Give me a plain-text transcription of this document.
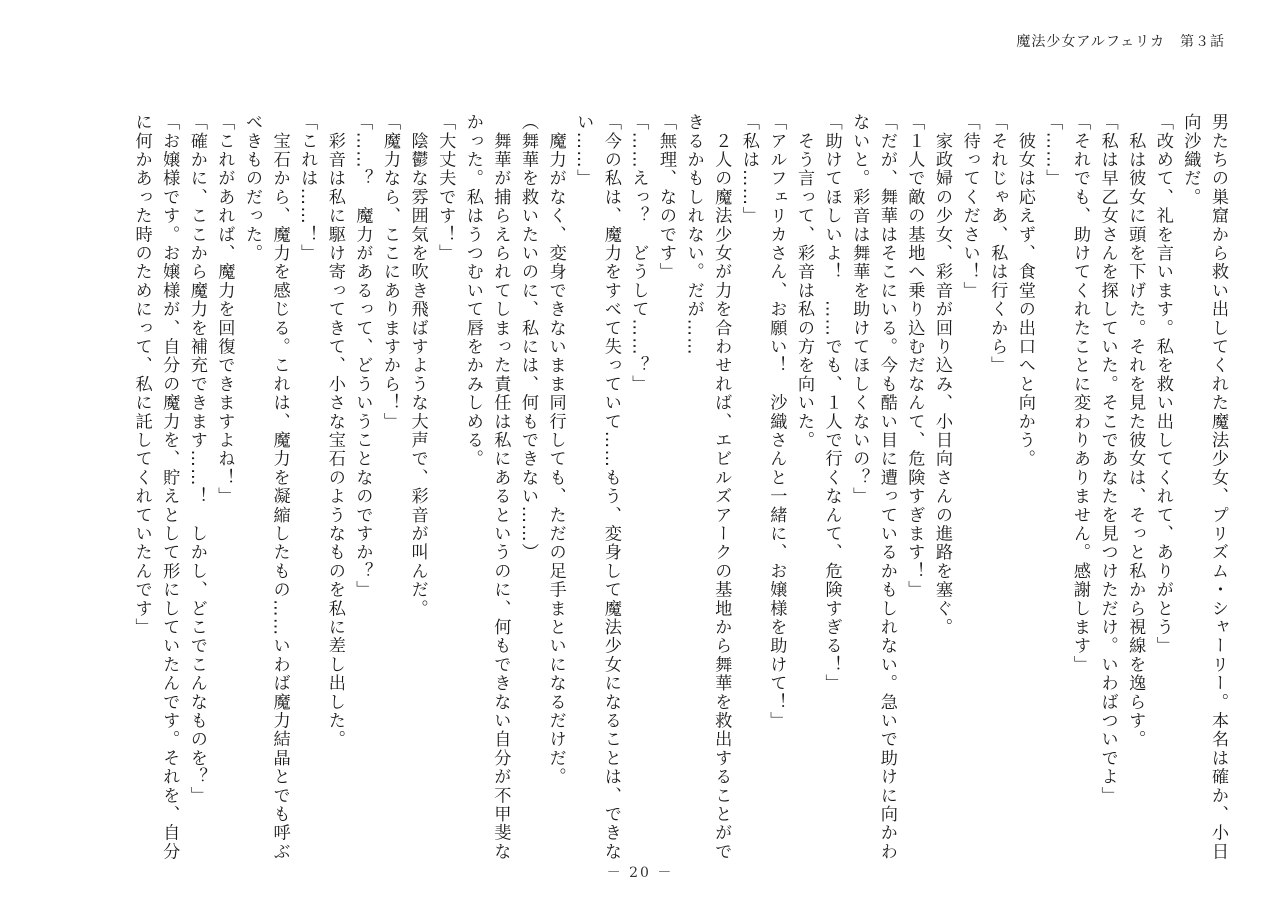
魔法少女アルフェリカ　第３話
男たちの巣窟から救い出してくれた魔法少女、プリズム・シャーリー。本名は確か、小日
向沙織だ。
「改めて、礼を言います。私を救い出してくれて、ありがとう」
　私は彼女に頭を下げた。それを見た彼女は、そっと私から視線を逸らす。
「私は早乙女さんを探していた。そこであなたを見つけただけ。いわばついでよ」
「それでも、助けてくれたことに変わりありません。感謝します」
「……」
　彼女は応えず、食堂の出口へと向かう。
「それじゃあ、私は行くから」
「待ってください！」
　家政婦の少女、彩音が回り込み、小日向さんの進路を塞ぐ。
「１人で敵の基地へ乗り込むだなんて、危険すぎます！」
「だが、舞華はそこにいる。今も酷い目に遭っているかもしれない。急いで助けに向かわ
ないと。彩音は舞華を助けてほしくないの？」
「助けてほしいよ！　……でも、１人で行くなんて、危険すぎる！」
　そう言って、彩音は私の方を向いた。
「アルフェリカさん、お願い！　沙織さんと一緒に、お嬢様を助けて！」
「私は……」
　２人の魔法少女が力を合わせれば、エビルズアークの基地から舞華を救出することがで
きるかもしれない。だが……
「無理、なのです」
「……えっ？　どうして……？」
「今の私は、魔力をすべて失っていて……もう、変身して魔法少女になることは、できな
い……」
　魔力がなく、変身できないまま同行しても、ただの足手まといになるだけだ。
（舞華を救いたいのに、私には、何もできない……）
　舞華が捕らえられてしまった責任は私にあるというのに、何もできない自分が不甲斐な
かった。私はうつむいて唇をかみしめる。
「大丈夫です！」
　陰鬱な雰囲気を吹き飛ばすような大声で、彩音が叫んだ。
「魔力なら、ここにありますから！」
「……？　魔力があるって、どういうことなのですか？」
　彩音は私に駆け寄ってきて、小さな宝石のようなものを私に差し出した。
「これは……！」
　宝石から、魔力を感じる。これは、魔力を凝縮したもの……いわば魔力結晶とでも呼ぶ
べきものだった。
「これがあれば、魔力を回復できますよね！」
「確かに、ここから魔力を補充できます……！　しかし、どこでこんなものを？」
「お嬢様です。お嬢様が、自分の魔力を、貯えとして形にしていたんです。それを、自分
に何かあった時のためにって、私に託してくれていたんです」
－ 20 －
